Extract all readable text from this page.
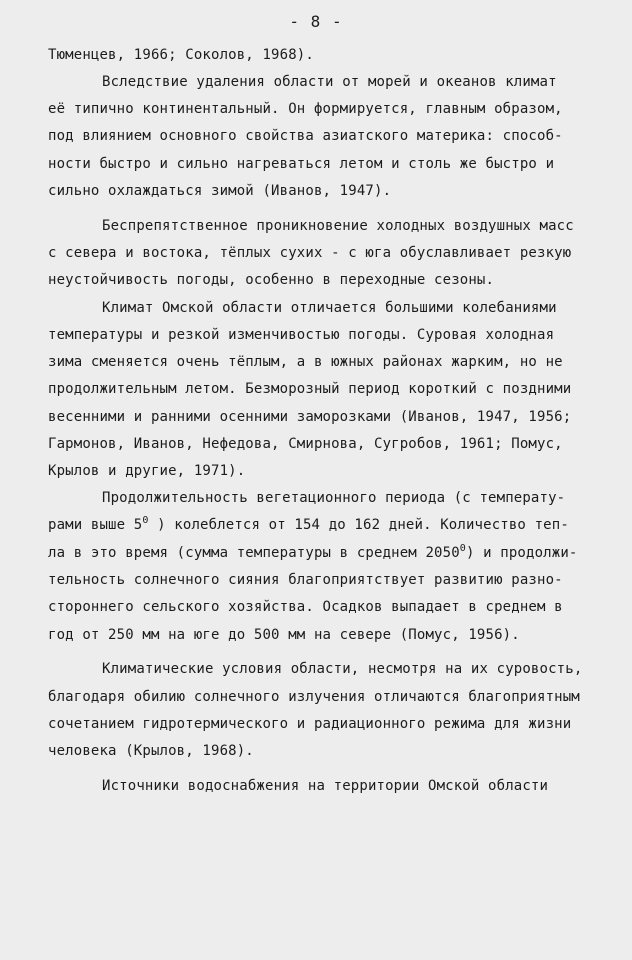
- 8 -
Тюменцев, 1966; Соколов, 1968).
Вследствие удаления области от морей и океанов климат
её типично континентальный. Он формируется, главным образом,
под влиянием основного свойства азиатского материка: способ-
ности быстро и сильно нагреваться летом и столь же быстро и
сильно охлаждаться зимой (Иванов, 1947).
Беспрепятственное проникновение холодных воздушных масс
с севера и востока, тёплых сухих - с юга обуславливает резкую
неустойчивость погоды, особенно в переходные сезоны.
Климат Омской области отличается большими колебаниями
температуры и резкой изменчивостью погоды. Суровая холодная
зима сменяется очень тёплым, а в южных районах жарким, но не
продолжительным летом. Безморозный период короткий с поздними
весенними и ранними осенними заморозками (Иванов, 1947, 1956;
Гармонов, Иванов, Нефедова, Смирнова, Сугробов, 1961; Помус,
Крылов и другие, 1971).
Продолжительность вегетационного периода (с температу-
рами выше $5^0$ ) колеблется от 154 до 162 дней. Количество теп-
ла в это время (сумма температуры в среднем 2050$^0$) и продолжи-
тельность солнечного сияния благоприятствует развитию разно-
стороннего сельского хозяйства. Осадков выпадает в среднем в
год от 250 мм на юге до 500 мм на севере (Помус, 1956).
Климатические условия области, несмотря на их суровость,
благодаря обилию солнечного излучения отличаются благоприятным
сочетанием гидротермического и радиационного режима для жизни
человека (Крылов, 1968).
Источники водоснабжения на территории Омской области
